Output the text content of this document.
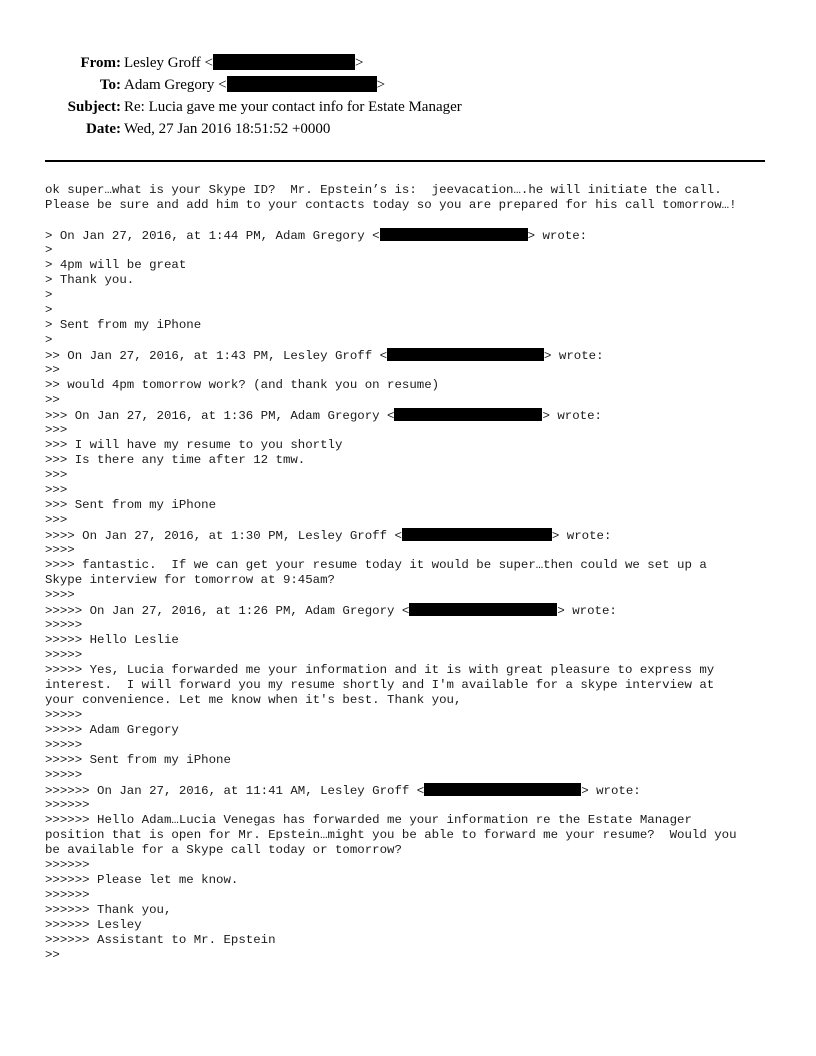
From: Lesley Groff <	>
To: Adam Gregory <	>
Subject: Re: Lucia gave me your contact info for Estate Manager
Date: Wed, 27 Jan 2016 18:51:52 +0000
ok super…what is your Skype ID?  Mr. Epstein’s is:  jeevacation….he will initiate the call.
Please be sure and add him to your contacts today so you are prepared for his call tomorrow…!
> On Jan 27, 2016, at 1:44 PM, Adam Gregory <	> wrote:
>
> 4pm will be great
> Thank you.
>
>
> Sent from my iPhone
>
>> On Jan 27, 2016, at 1:43 PM, Lesley Groff <	> wrote:
>>
>> would 4pm tomorrow work? (and thank you on resume)
>>
>>> On Jan 27, 2016, at 1:36 PM, Adam Gregory <	> wrote:
>>>
>>> I will have my resume to you shortly
>>> Is there any time after 12 tmw.
>>>
>>>
>>> Sent from my iPhone
>>>
>>>> On Jan 27, 2016, at 1:30 PM, Lesley Groff <	> wrote:
>>>>
>>>> fantastic.  If we can get your resume today it would be super…then could we set up a
Skype interview for tomorrow at 9:45am?
>>>>
>>>>> On Jan 27, 2016, at 1:26 PM, Adam Gregory <	> wrote:
>>>>>
>>>>> Hello Leslie
>>>>>
>>>>> Yes, Lucia forwarded me your information and it is with great pleasure to express my
interest.  I will forward you my resume shortly and I'm available for a skype interview at
your convenience. Let me know when it's best. Thank you,
>>>>>
>>>>> Adam Gregory
>>>>>
>>>>> Sent from my iPhone
>>>>>
>>>>>> On Jan 27, 2016, at 11:41 AM, Lesley Groff <	> wrote:
>>>>>>
>>>>>> Hello Adam…Lucia Venegas has forwarded me your information re the Estate Manager
position that is open for Mr. Epstein…might you be able to forward me your resume?  Would you
be available for a Skype call today or tomorrow?
>>>>>>
>>>>>> Please let me know.
>>>>>>
>>>>>> Thank you,
>>>>>> Lesley
>>>>>> Assistant to Mr. Epstein
>>
